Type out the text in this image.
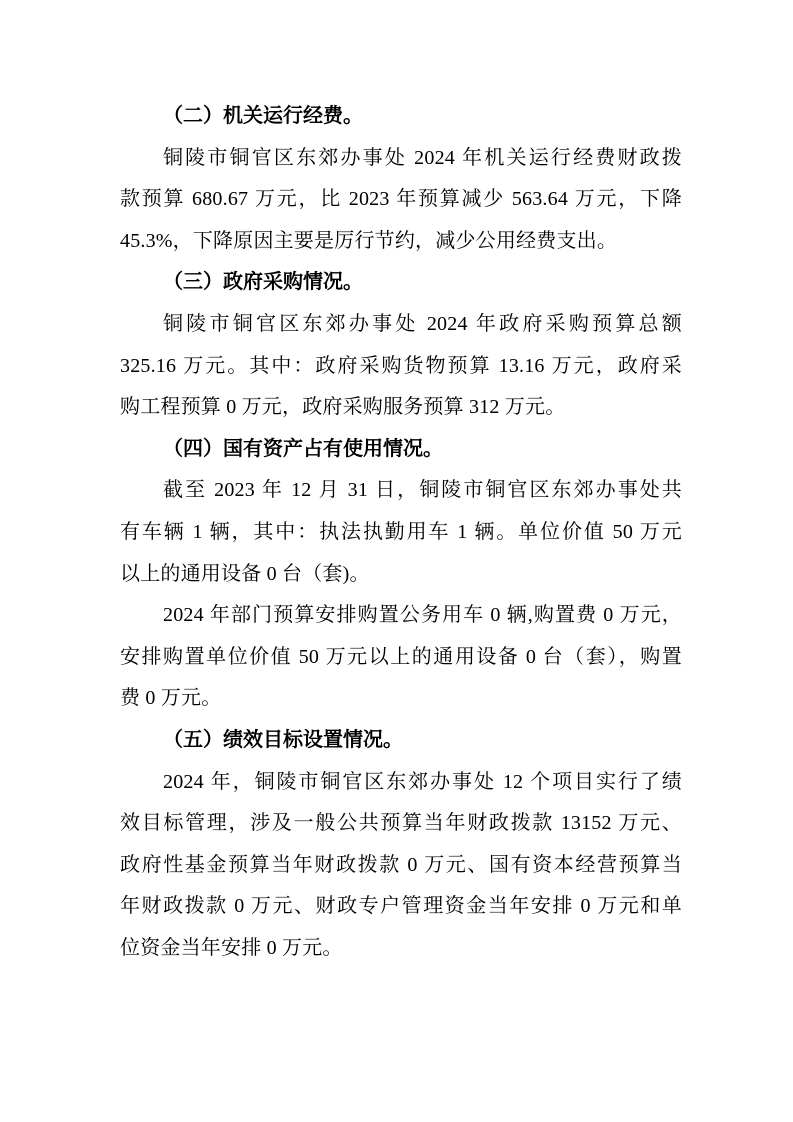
（二）机关运行经费。

铜陵市铜官区东郊办事处 2024 年机关运行经费财政拨
款预算 680.67 万元，比 2023 年预算减少 563.64 万元，下降
45.3%，下降原因主要是厉行节约，减少公用经费支出。

（三）政府采购情况。

铜陵市铜官区东郊办事处 2024 年政府采购预算总额
325.16 万元。其中：政府采购货物预算 13.16 万元，政府采
购工程预算 0 万元，政府采购服务预算 312 万元。

（四）国有资产占有使用情况。

截至 2023 年 12 月 31 日，铜陵市铜官区东郊办事处共
有车辆 1 辆，其中：执法执勤用车 1 辆。单位价值 50 万元
以上的通用设备 0 台（套)。

2024 年部门预算安排购置公务用车 0 辆,购置费 0 万元，
安排购置单位价值 50 万元以上的通用设备 0 台（套），购置
费 0 万元。

（五）绩效目标设置情况。

2024 年，铜陵市铜官区东郊办事处 12 个项目实行了绩
效目标管理，涉及一般公共预算当年财政拨款 13152 万元、
政府性基金预算当年财政拨款 0 万元、国有资本经营预算当
年财政拨款 0 万元、财政专户管理资金当年安排 0 万元和单
位资金当年安排 0 万元。
